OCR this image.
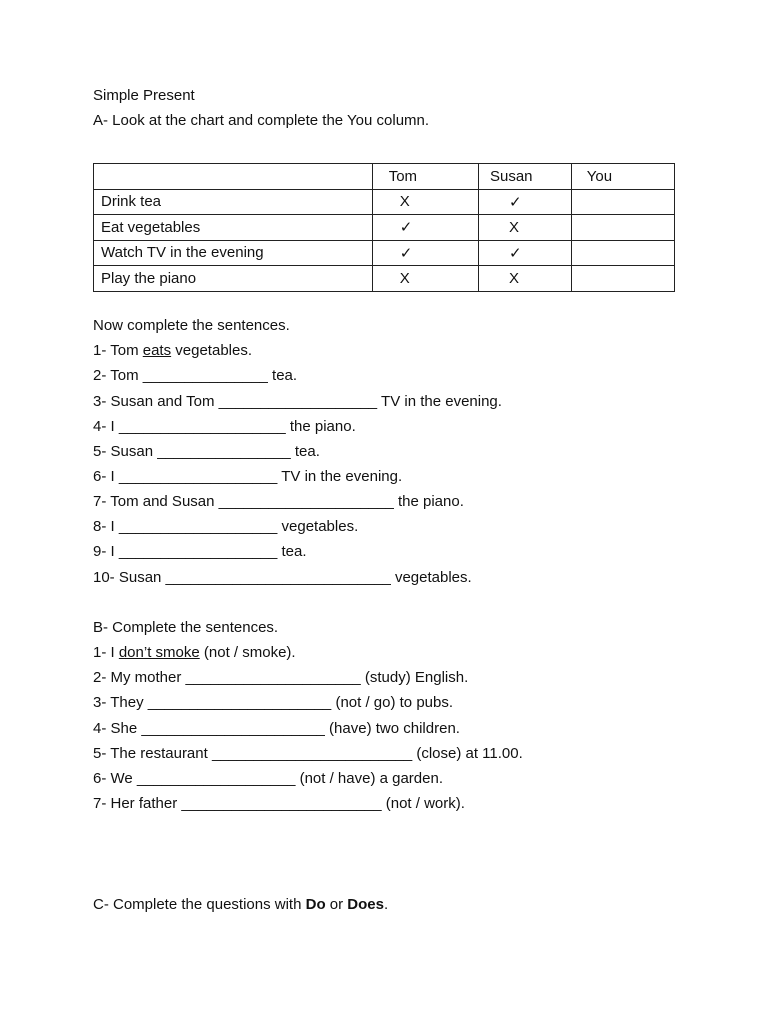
Simple Present
A- Look at the chart and complete the You column.
	Tom	Susan	You
Drink tea	X	✓	
Eat vegetables	✓	X	
Watch TV in the evening	✓	✓	
Play the piano	X	X	
Now complete the sentences.
1- Tom eats vegetables.
2- Tom _______________ tea.
3- Susan and Tom ___________________ TV in the evening.
4- I ____________________ the piano.
5- Susan ________________ tea.
6- I ___________________ TV in the evening.
7- Tom and Susan _____________________ the piano.
8- I ___________________ vegetables.
9- I ___________________ tea.
10- Susan ___________________________ vegetables.
B- Complete the sentences.
1- I don’t smoke (not / smoke).
2- My mother _____________________ (study) English.
3- They ______________________ (not / go) to pubs.
4- She ______________________ (have) two children.
5- The restaurant ________________________ (close) at 11.00.
6- We ___________________ (not / have) a garden.
7- Her father ________________________ (not / work).
C- Complete the questions with Do or Does.
